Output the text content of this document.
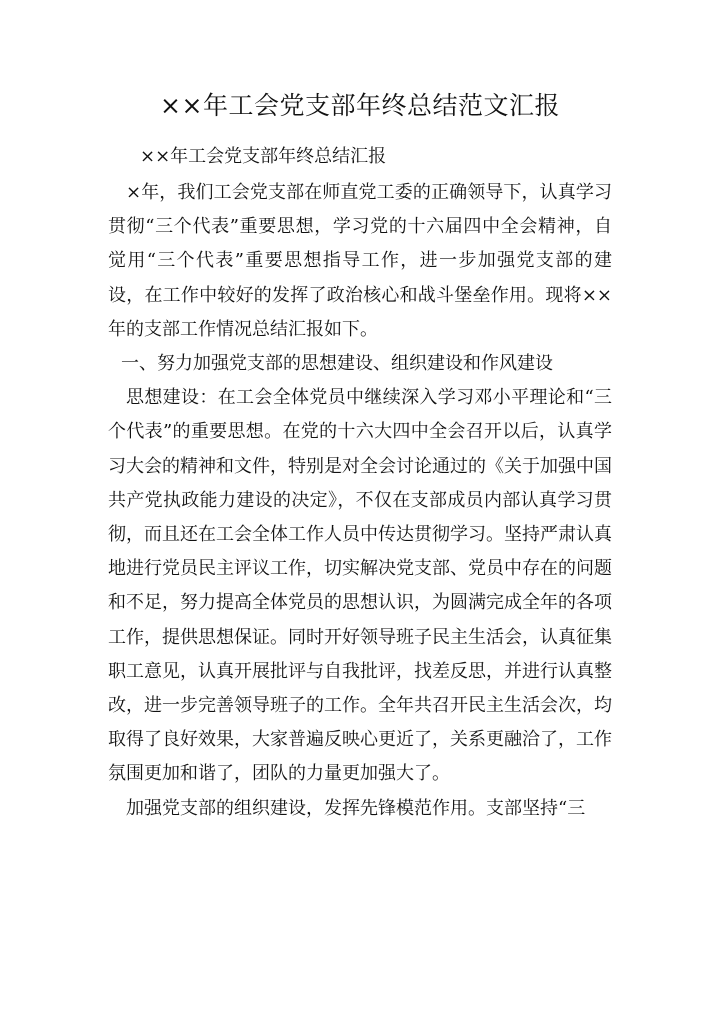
××年工会党支部年终总结范文汇报

××年工会党支部年终总结汇报

×年，我们工会党支部在师直党工委的正确领导下，认真学习贯彻“三个代表”重要思想，学习党的十六届四中全会精神，自觉用“三个代表”重要思想指导工作，进一步加强党支部的建设，在工作中较好的发挥了政治核心和战斗堡垒作用。现将××年的支部工作情况总结汇报如下。

一、努力加强党支部的思想建设、组织建设和作风建设

思想建设：在工会全体党员中继续深入学习邓小平理论和“三个代表”的重要思想。在党的十六大四中全会召开以后，认真学习大会的精神和文件，特别是对全会讨论通过的《关于加强中国共产党执政能力建设的决定》，不仅在支部成员内部认真学习贯彻，而且还在工会全体工作人员中传达贯彻学习。坚持严肃认真地进行党员民主评议工作，切实解决党支部、党员中存在的问题和不足，努力提高全体党员的思想认识，为圆满完成全年的各项工作，提供思想保证。同时开好领导班子民主生活会，认真征集职工意见，认真开展批评与自我批评，找差反思，并进行认真整改，进一步完善领导班子的工作。全年共召开民主生活会次，均取得了良好效果，大家普遍反映心更近了，关系更融洽了，工作氛围更加和谐了，团队的力量更加强大了。

加强党支部的组织建设，发挥先锋模范作用。支部坚持“三
